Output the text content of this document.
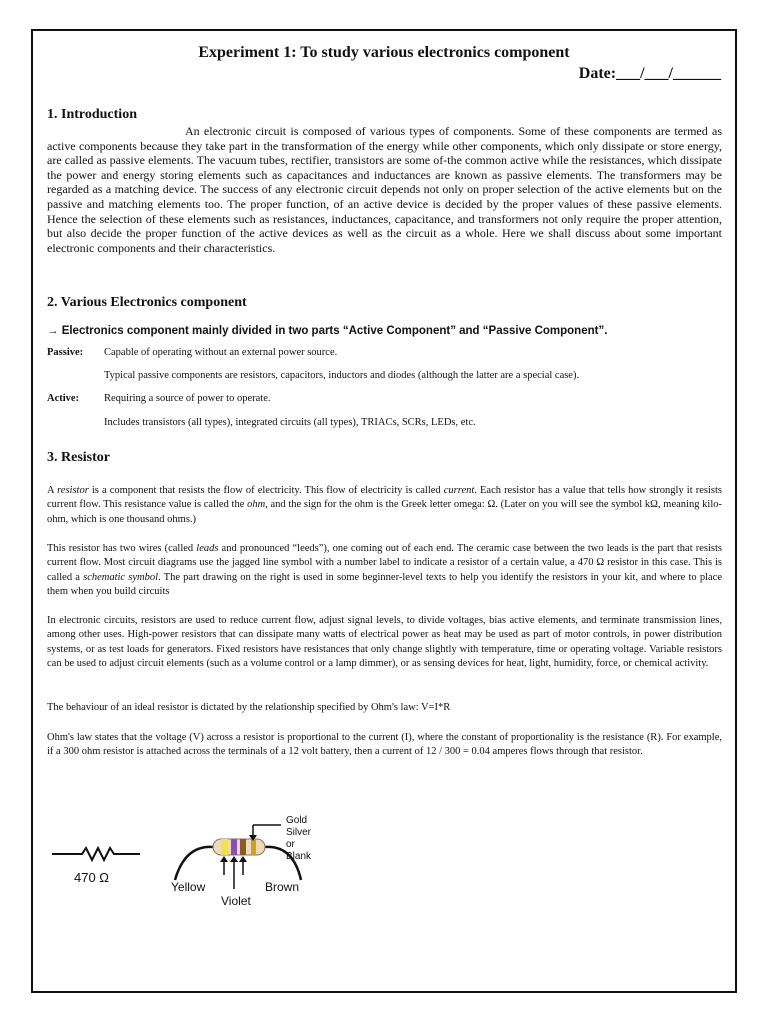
Experiment 1: To study various electronics component
Date:___/___/______
1. Introduction
An electronic circuit is composed of various types of components. Some of these components are termed as active components because they take part in the transformation of the energy while other components, which only dissipate or store energy, are called as passive elements. The vacuum tubes, rectifier, transistors are some of-the common active while the resistances, which dissipate the power and energy storing elements such as capacitances and inductances are known as passive elements. The transformers may be regarded as a matching device. The success of any electronic circuit depends not only on proper selection of the active elements but on the passive and matching elements too. The proper function, of an active device is decided by the proper values of these passive elements. Hence the selection of these elements such as resistances, inductances, capacitance, and transformers not only require the proper attention, but also decide the proper function of the active devices as well as the circuit as a whole. Here we shall discuss about some important electronic components and their characteristics.
2. Various Electronics component
→ Electronics component mainly divided in two parts “Active Component” and “Passive Component”.
Passive: Capable of operating without an external power source.
Typical passive components are resistors, capacitors, inductors and diodes (although the latter are a special case).
Active: Requiring a source of power to operate.
Includes transistors (all types), integrated circuits (all types), TRIACs, SCRs, LEDs, etc.
3. Resistor
A resistor is a component that resists the flow of electricity. This flow of electricity is called current. Each resistor has a value that tells how strongly it resists current flow. This resistance value is called the ohm, and the sign for the ohm is the Greek letter omega: Ω. (Later on you will see the symbol kΩ, meaning kilo-ohm, which is one thousand ohms.)
This resistor has two wires (called leads and pronounced “leeds”), one coming out of each end. The ceramic case between the two leads is the part that resists current flow. Most circuit diagrams use the jagged line symbol with a number label to indicate a resistor of a certain value, a 470 Ω resistor in this case. This is called a schematic symbol. The part drawing on the right is used in some beginner-level texts to help you identify the resistors in your kit, and where to place them when you build circuits
In electronic circuits, resistors are used to reduce current flow, adjust signal levels, to divide voltages, bias active elements, and terminate transmission lines, among other uses. High-power resistors that can dissipate many watts of electrical power as heat may be used as part of motor controls, in power distribution systems, or as test loads for generators. Fixed resistors have resistances that only change slightly with temperature, time or operating voltage. Variable resistors can be used to adjust circuit elements (such as a volume control or a lamp dimmer), or as sensing devices for heat, light, humidity, force, or chemical activity.
The behaviour of an ideal resistor is dictated by the relationship specified by Ohm's law: V=I*R
Ohm's law states that the voltage (V) across a resistor is proportional to the current (I), where the constant of proportionality is the resistance (R). For example, if a 300 ohm resistor is attached across the terminals of a 12 volt battery, then a current of 12 / 300 = 0.04 amperes flows through that resistor.
470 Ω
Gold
Silver
or
Blank
Yellow
Violet
Brown
